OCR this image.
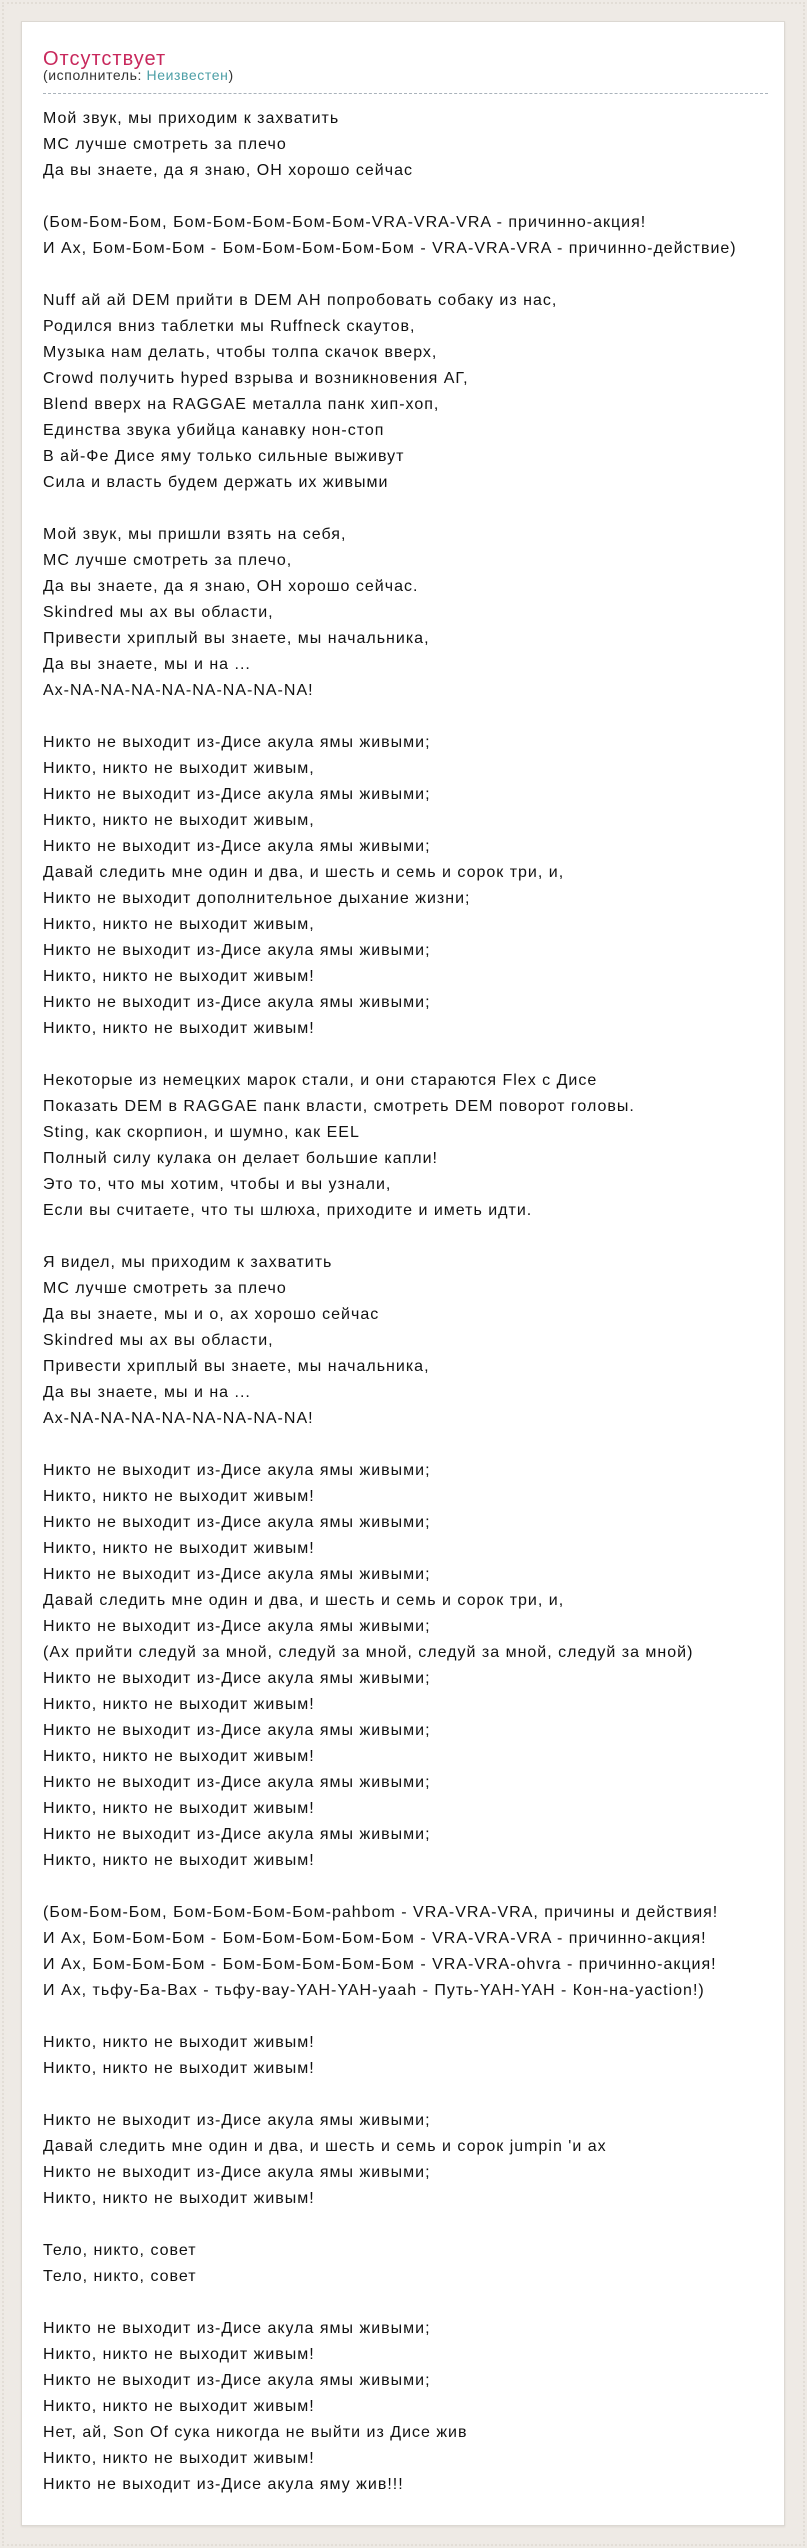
Отсутствует
(исполнитель: Неизвестен)
Мой звук, мы приходим к захватить
МС лучше смотреть за плечо
Да вы знаете, да я знаю, ОН хорошо сейчас
(Бом-Бом-Бом, Бом-Бом-Бом-Бом-Бом-VRA-VRA-VRA - причинно-акция!
И Ах, Бом-Бом-Бом - Бом-Бом-Бом-Бом-Бом - VRA-VRA-VRA - причинно-действие)
Nuff ай ай DEM прийти в DEM AH попробовать собаку из нас,
Родился вниз таблетки мы Ruffneck скаутов,
Музыка нам делать, чтобы толпа скачок вверх,
Crowd получить hyped взрыва и возникновения АГ,
Blend вверх на RAGGAE металла панк хип-хоп,
Единства звука убийца канавку нон-стоп
В ай-Фе Дисе яму только сильные выживут
Сила и власть будем держать их живыми
Мой звук, мы пришли взять на себя,
МС лучше смотреть за плечо,
Да вы знаете, да я знаю, ОН хорошо сейчас.
Skindred мы ах вы области,
Привести хриплый вы знаете, мы начальника,
Да вы знаете, мы и на ...
Ах-NA-NA-NA-NA-NA-NA-NA-NA!
Никто не выходит из-Дисе акула ямы живыми;
Никто, никто не выходит живым,
Никто не выходит из-Дисе акула ямы живыми;
Никто, никто не выходит живым,
Никто не выходит из-Дисе акула ямы живыми;
Давай следить мне один и два, и шесть и семь и сорок три, и,
Никто не выходит дополнительное дыхание жизни;
Никто, никто не выходит живым,
Никто не выходит из-Дисе акула ямы живыми;
Никто, никто не выходит живым!
Никто не выходит из-Дисе акула ямы живыми;
Никто, никто не выходит живым!
Некоторые из немецких марок стали, и они стараются Flex с Дисе
Показать DEM в RAGGAE панк власти, смотреть DEM поворот головы.
Sting, как скорпион, и шумно, как EEL
Полный силу кулака он делает большие капли!
Это то, что мы хотим, чтобы и вы узнали,
Если вы считаете, что ты шлюха, приходите и иметь идти.
Я видел, мы приходим к захватить
МС лучше смотреть за плечо
Да вы знаете, мы и о, ах хорошо сейчас
Skindred мы ах вы области,
Привести хриплый вы знаете, мы начальника,
Да вы знаете, мы и на ...
Ах-NA-NA-NA-NA-NA-NA-NA-NA!
Никто не выходит из-Дисе акула ямы живыми;
Никто, никто не выходит живым!
Никто не выходит из-Дисе акула ямы живыми;
Никто, никто не выходит живым!
Никто не выходит из-Дисе акула ямы живыми;
Давай следить мне один и два, и шесть и семь и сорок три, и,
Никто не выходит из-Дисе акула ямы живыми;
(Ах прийти следуй за мной, следуй за мной, следуй за мной, следуй за мной)
Никто не выходит из-Дисе акула ямы живыми;
Никто, никто не выходит живым!
Никто не выходит из-Дисе акула ямы живыми;
Никто, никто не выходит живым!
Никто не выходит из-Дисе акула ямы живыми;
Никто, никто не выходит живым!
Никто не выходит из-Дисе акула ямы живыми;
Никто, никто не выходит живым!
(Бом-Бом-Бом, Бом-Бом-Бом-Бом-pahbom - VRA-VRA-VRA, причины и действия!
И Ах, Бом-Бом-Бом - Бом-Бом-Бом-Бом-Бом - VRA-VRA-VRA - причинно-акция!
И Ах, Бом-Бом-Бом - Бом-Бом-Бом-Бом-Бом - VRA-VRA-ohvra - причинно-акция!
И Ах, тьфу-Ба-Вах - тьфу-вау-YAH-YAH-yaah - Путь-YAH-YAH - Кон-на-yaction!)
Никто, никто не выходит живым!
Никто, никто не выходит живым!
Никто не выходит из-Дисе акула ямы живыми;
Давай следить мне один и два, и шесть и семь и сорок jumpin 'и ах
Никто не выходит из-Дисе акула ямы живыми;
Никто, никто не выходит живым!
Тело, никто, совет
Тело, никто, совет
Никто не выходит из-Дисе акула ямы живыми;
Никто, никто не выходит живым!
Никто не выходит из-Дисе акула ямы живыми;
Никто, никто не выходит живым!
Нет, ай, Son Of сука никогда не выйти из Дисе жив
Никто, никто не выходит живым!
Никто не выходит из-Дисе акула яму жив!!!
